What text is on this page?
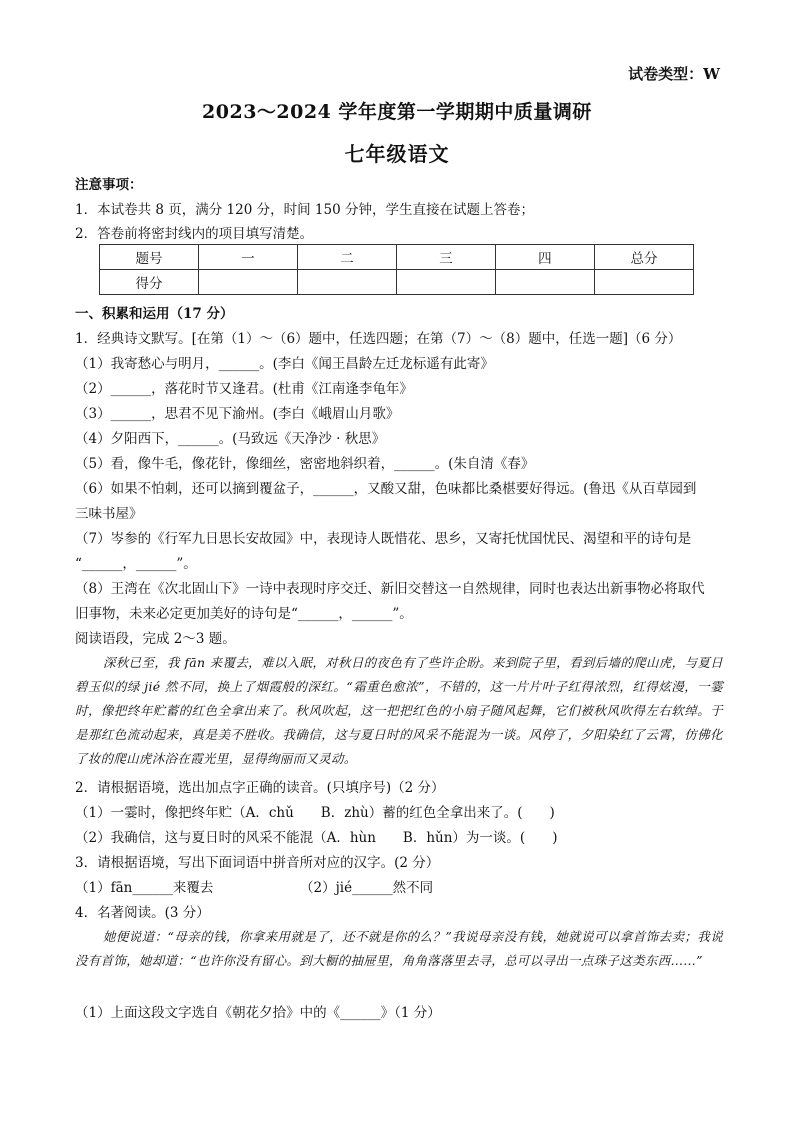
试卷类型：W
2023～2024 学年度第一学期期中质量调研
七年级语文
注意事项：
1．本试卷共 8 页，满分 120 分，时间 150 分钟，学生直接在试题上答卷；
2．答卷前将密封线内的项目填写清楚。
题号	一	二	三	四	总分
得分					
一、积累和运用（17 分）
1．经典诗文默写。[在第（1）～（6）题中，任选四题；在第（7）～（8）题中，任选一题]（6 分）
（1）我寄愁心与明月，______。(李白《闻王昌龄左迁龙标遥有此寄》
（2）______，落花时节又逢君。(杜甫《江南逢李龟年》
（3）______，思君不见下渝州。(李白《峨眉山月歌》
（4）夕阳西下，______。(马致远《天净沙 · 秋思》
（5）看，像牛毛，像花针，像细丝，密密地斜织着，______。(朱自清《春》
（6）如果不怕刺，还可以摘到覆盆子，______，又酸又甜，色味都比桑椹要好得远。(鲁迅《从百草园到
三味书屋》
（7）岑参的《行军九日思长安故园》中，表现诗人既惜花、思乡，又寄托忧国忧民、渴望和平的诗句是
“______，______”。
（8）王湾在《次北固山下》一诗中表现时序交迁、新旧交替这一自然规律，同时也表达出新事物必将取代
旧事物，未来必定更加美好的诗句是“______，______”。
阅读语段，完成 2～3 题。

深秋已至，我 fān 来覆去，难以入眠，对秋日的夜色有了些许企盼。来到院子里，看到后墙的爬山虎，与夏日碧玉似的绿 jié 然不同，换上了烟霞般的深红。“霜重色愈浓”，不错的，这一片片叶子红得浓烈，红得炫漫，一霎时，像把终年贮蓄的红色全拿出来了。秋风吹起，这一把把红色的小扇子随风起舞，它们被秋风吹得左右软绰。于是那红色流动起来，真是美不胜收。我确信，这与夏日时的风采不能混为一谈。风停了，夕阳染红了云霄，仿佛化了妆的爬山虎沐浴在霞光里，显得绚丽而又灵动。

2．请根据语境，选出加点字正确的读音。(只填序号)（2 分）
（1）一霎时，像把终年贮（A．chǔ　　B．zhù）蓄的红色全拿出来了。(　　)
（2）我确信，这与夏日时的风采不能混（A．hùn　　B．hǔn）为一谈。(　　)
3．请根据语境，写出下面词语中拼音所对应的汉字。(2 分）
（1）fān______来覆去	（2）jié______然不同
4．名著阅读。(3 分）

她便说道：“母亲的钱，你拿来用就是了，还不就是你的么？”我说母亲没有钱，她就说可以拿首饰去卖；我说没有首饰，她却道：“也许你没有留心。到大橱的抽屉里，角角落落里去寻，总可以寻出一点珠子这类东西……”

（1）上面这段文字选自《朝花夕拾》中的《______》（1 分）
